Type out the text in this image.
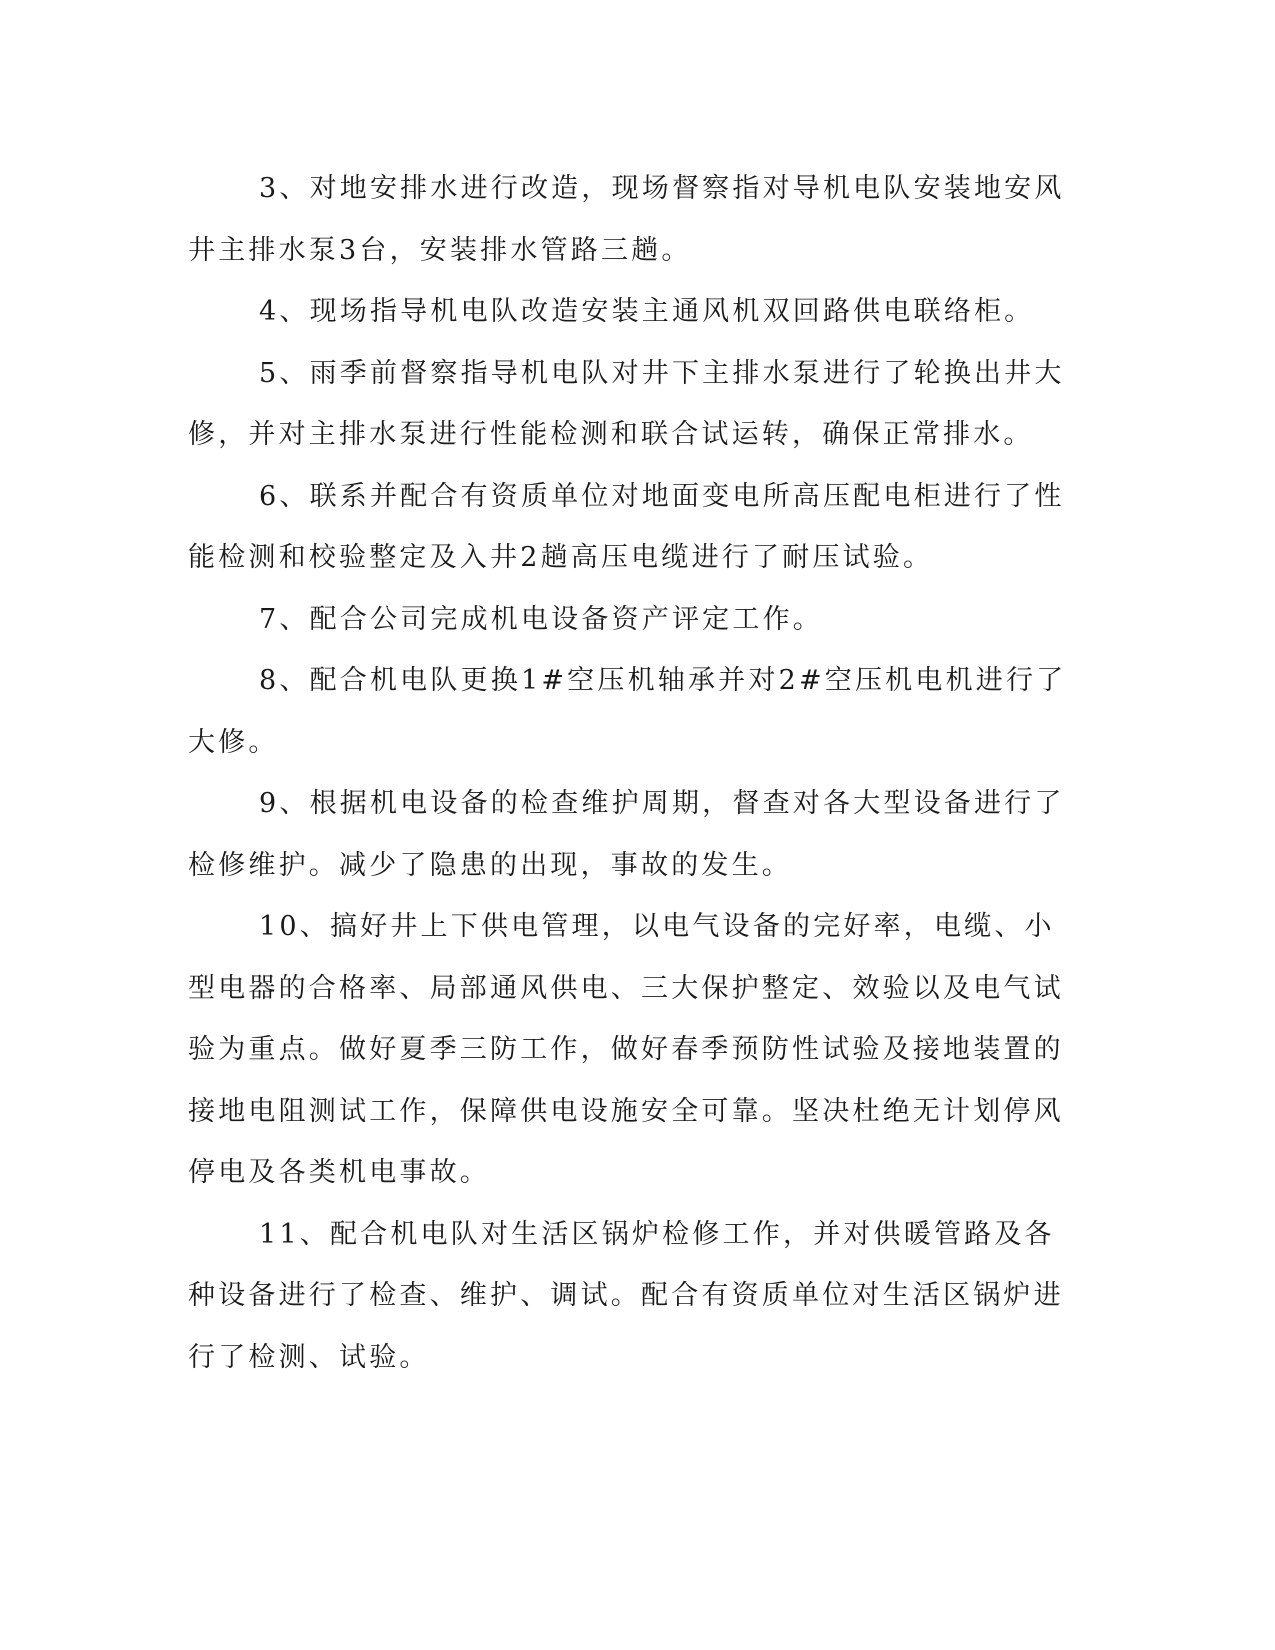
3、对地安排水进行改造，现场督察指对导机电队安装地安风井主排水泵3台，安装排水管路三趟。

4、现场指导机电队改造安装主通风机双回路供电联络柜。

5、雨季前督察指导机电队对井下主排水泵进行了轮换出井大修，并对主排水泵进行性能检测和联合试运转，确保正常排水。

6、联系并配合有资质单位对地面变电所高压配电柜进行了性能检测和校验整定及入井2趟高压电缆进行了耐压试验。

7、配合公司完成机电设备资产评定工作。

8、配合机电队更换1#空压机轴承并对2#空压机电机进行了大修。

9、根据机电设备的检查维护周期，督查对各大型设备进行了检修维护。减少了隐患的出现，事故的发生。

10、搞好井上下供电管理，以电气设备的完好率，电缆、小型电器的合格率、局部通风供电、三大保护整定、效验以及电气试验为重点。做好夏季三防工作，做好春季预防性试验及接地装置的接地电阻测试工作，保障供电设施安全可靠。坚决杜绝无计划停风停电及各类机电事故。

11、配合机电队对生活区锅炉检修工作，并对供暖管路及各种设备进行了检查、维护、调试。配合有资质单位对生活区锅炉进行了检测、试验。
